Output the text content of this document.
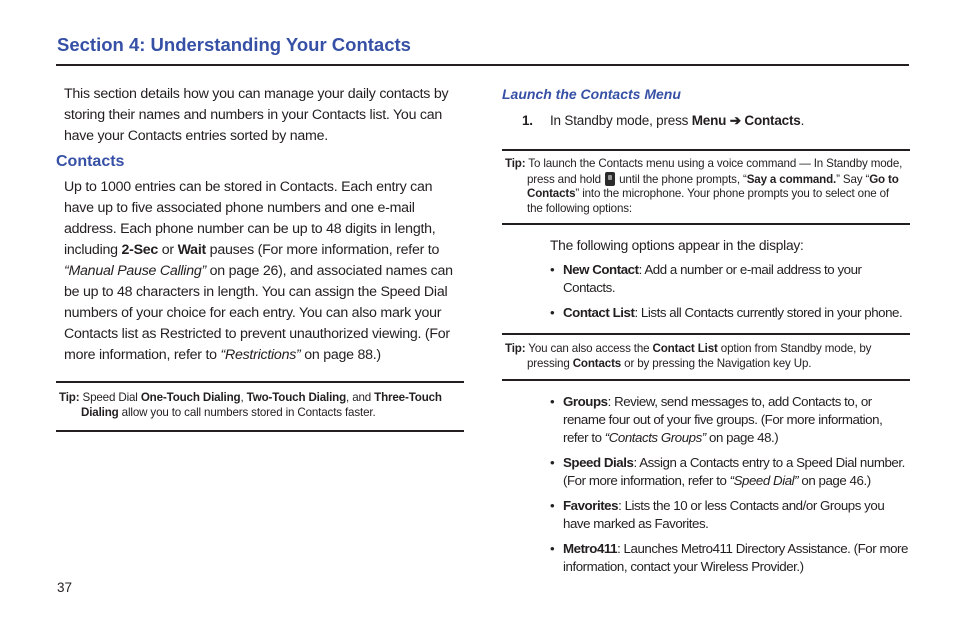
Section 4: Understanding Your Contacts

This section details how you can manage your daily contacts by storing their names and numbers in your Contacts list. You can have your Contacts entries sorted by name.

Contacts

Up to 1000 entries can be stored in Contacts. Each entry can have up to five associated phone numbers and one e-mail address. Each phone number can be up to 48 digits in length, including 2-Sec or Wait pauses (For more information, refer to “Manual Pause Calling” on page 26), and associated names can be up to 48 characters in length. You can assign the Speed Dial numbers of your choice for each entry. You can also mark your Contacts list as Restricted to prevent unauthorized viewing. (For more information, refer to “Restrictions” on page 88.)

Tip: Speed Dial One-Touch Dialing, Two-Touch Dialing, and Three-Touch Dialing allow you to call numbers stored in Contacts faster.
Launch the Contacts Menu
1. In Standby mode, press Menu ➔ Contacts.
Tip: To launch the Contacts menu using a voice command — In Standby mode, press and hold  until the phone prompts, “Say a command.” Say “Go to Contacts” into the microphone. Your phone prompts you to select one of the following options:
The following options appear in the display:
• New Contact: Add a number or e-mail address to your Contacts.
• Contact List: Lists all Contacts currently stored in your phone.
Tip: You can also access the Contact List option from Standby mode, by pressing Contacts or by pressing the Navigation key Up.
• Groups: Review, send messages to, add Contacts to, or rename four out of your five groups. (For more information, refer to “Contacts Groups” on page 48.)
• Speed Dials: Assign a Contacts entry to a Speed Dial number. (For more information, refer to “Speed Dial” on page 46.)
• Favorites: Lists the 10 or less Contacts and/or Groups you have marked as Favorites.
• Metro411: Launches Metro411 Directory Assistance. (For more information, contact your Wireless Provider.)
37
